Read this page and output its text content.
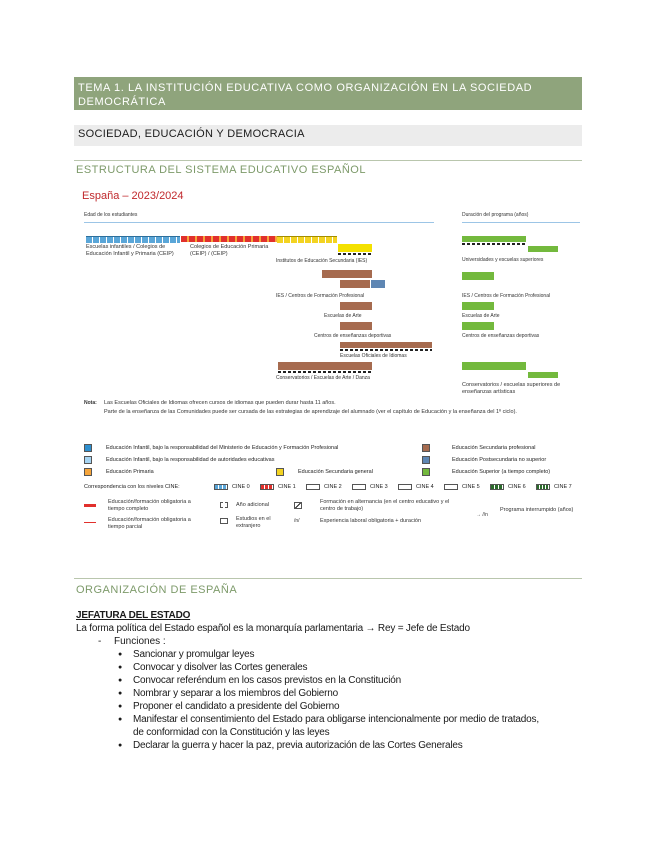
TEMA 1. LA INSTITUCIÓN EDUCATIVA COMO ORGANIZACIÓN EN LA SOCIEDAD DEMOCRÁTICA
SOCIEDAD, EDUCACIÓN Y DEMOCRACIA
ESTRUCTURA DEL SISTEMA EDUCATIVO ESPAÑOL
España – 2023/2024
Edad de los estudiantes	Duración del programa (años)
Escuelas infantiles / Colegios de Educación Infantil y Primaria (CEIP)
Colegios de Educación Primaria (CEIP) / (CEIP)
Institutos de Educación Secundaria (IES)
IES / Centros de Formación Profesional
Escuelas de Arte
Centros de enseñanzas deportivas
Escuelas Oficiales de Idiomas
Conservatorios / Escuelas de Arte / Danza
Universidades y escuelas superiores
IES / Centros de Formación Profesional
Escuelas de Arte
Centros de enseñanzas deportivas
Conservatorios / escuelas superiores de enseñanzas artísticas
Nota: Las Escuelas Oficiales de Idiomas ofrecen cursos de idiomas que pueden durar hasta 11 años.
Parte de la enseñanza de las Comunidades puede ser cursada de las estrategias de aprendizaje del alumnado (ver el capítulo de Educación y la enseñanza del 1º ciclo).
Educación Infantil, bajo la responsabilidad del Ministerio de Educación y Formación Profesional
Educación Infantil, bajo la responsabilidad de autoridades educativas
Educación Primaria	Educación Secundaria general
Educación Secundaria profesional
Educación Postsecundaria no superior
Educación Superior (a tiempo completo)
Correspondencia con los niveles CINE:	CINE 0	CINE 1	CINE 2	CINE 3	CINE 4	CINE 5	CINE 6	CINE 7
Educación/formación obligatoria a tiempo completo
Educación/formación obligatoria a tiempo parcial
Año adicional
Estudios en el extranjero
Formación en alternancia (en el centro educativo y el centro de trabajo)
/n/	Experiencia laboral obligatoria + duración
→ //n
Programa interrumpido (años)
ORGANIZACIÓN DE ESPAÑA
JEFATURA DEL ESTADO
La forma política del Estado español es la monarquía parlamentaria → Rey = Jefe de Estado
- Funciones :
● Sancionar y promulgar leyes
● Convocar y disolver las Cortes generales
● Convocar referéndum en los casos previstos en la Constitución
● Nombrar y separar a los miembros del Gobierno
● Proponer el candidato a presidente del Gobierno
● Manifestar el consentimiento del Estado para obligarse intencionalmente por medio de tratados, de conformidad con la Constitución y las leyes
● Declarar la guerra y hacer la paz, previa autorización de las Cortes Generales
